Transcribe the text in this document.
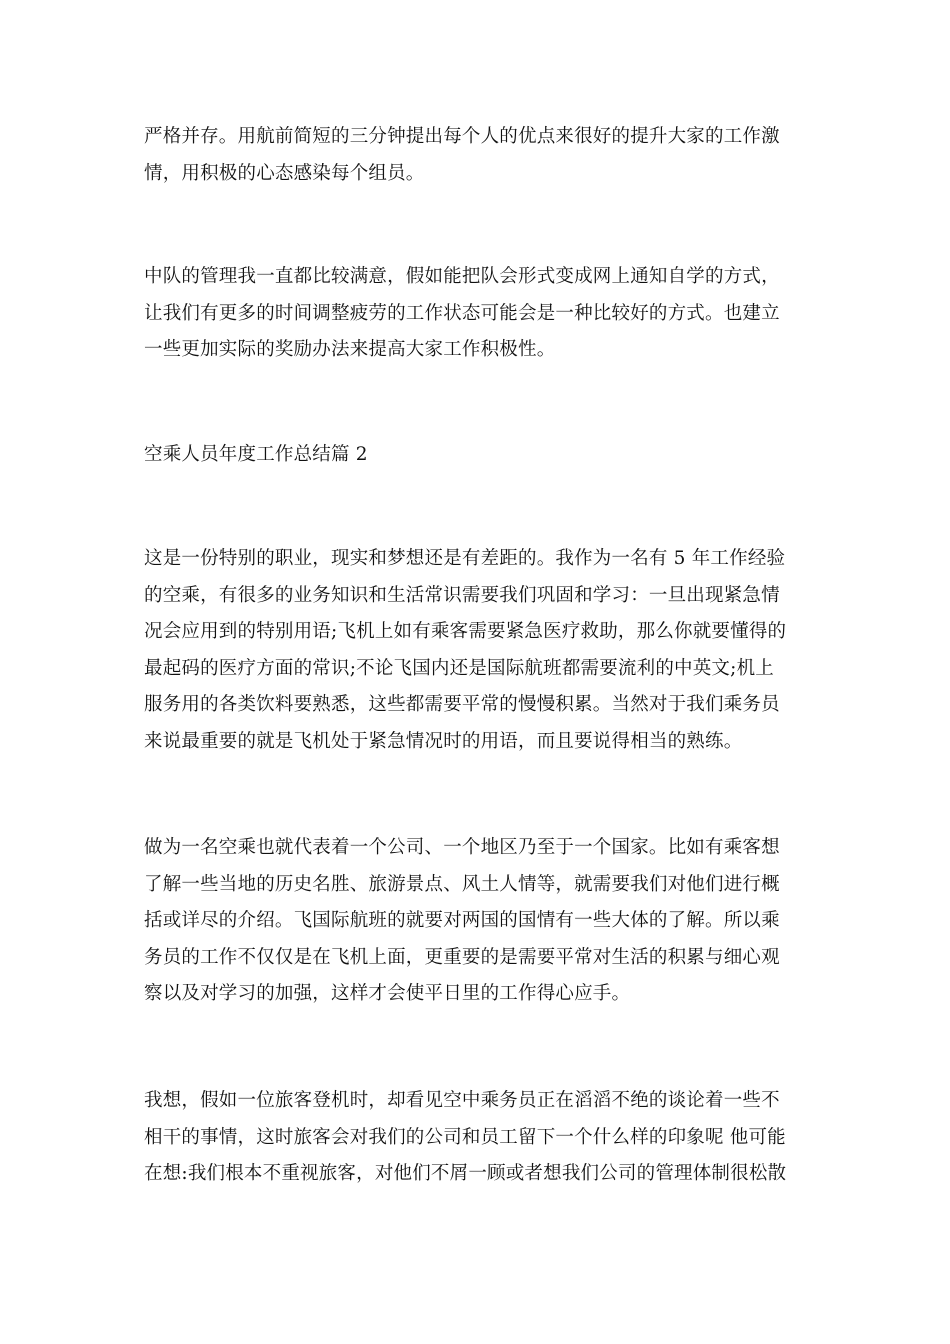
严格并存。用航前简短的三分钟提出每个人的优点来很好的提升大家的工作激
情，用积极的心态感染每个组员。

中队的管理我一直都比较满意，假如能把队会形式变成网上通知自学的方式，
让我们有更多的时间调整疲劳的工作状态可能会是一种比较好的方式。也建立
一些更加实际的奖励办法来提高大家工作积极性。

空乘人员年度工作总结篇 2

这是一份特别的职业，现实和梦想还是有差距的。我作为一名有 5 年工作经验
的空乘，有很多的业务知识和生活常识需要我们巩固和学习：一旦出现紧急情
况会应用到的特别用语;飞机上如有乘客需要紧急医疗救助，那么你就要懂得的
最起码的医疗方面的常识;不论飞国内还是国际航班都需要流利的中英文;机上
服务用的各类饮料要熟悉，这些都需要平常的慢慢积累。当然对于我们乘务员
来说最重要的就是飞机处于紧急情况时的用语，而且要说得相当的熟练。

做为一名空乘也就代表着一个公司、一个地区乃至于一个国家。比如有乘客想
了解一些当地的历史名胜、旅游景点、风土人情等，就需要我们对他们进行概
括或详尽的介绍。飞国际航班的就要对两国的国情有一些大体的了解。所以乘
务员的工作不仅仅是在飞机上面，更重要的是需要平常对生活的积累与细心观
察以及对学习的加强，这样才会使平日里的工作得心应手。

我想，假如一位旅客登机时，却看见空中乘务员正在滔滔不绝的谈论着一些不
相干的事情，这时旅客会对我们的公司和员工留下一个什么样的印象呢 他可能
在想:我们根本不重视旅客，对他们不屑一顾或者想我们公司的管理体制很松散
